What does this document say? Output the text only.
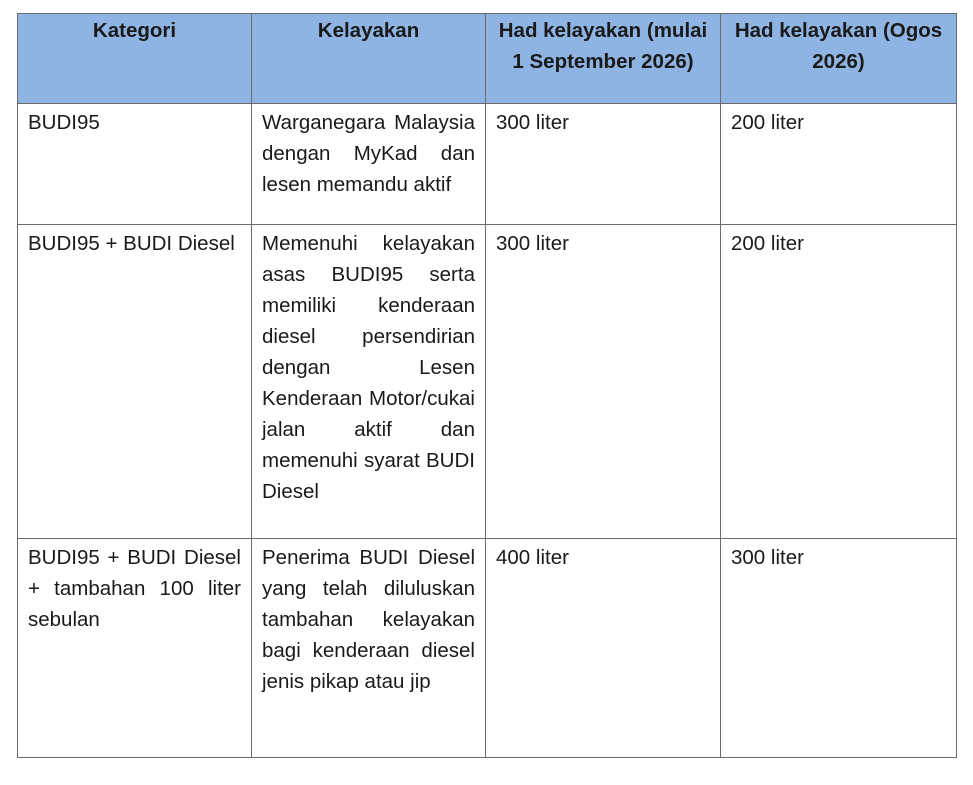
Kategori	Kelayakan	Had kelayakan (mulai 1 September 2026)	Had kelayakan (Ogos 2026)
BUDI95	Warganegara Malaysia dengan MyKad dan lesen memandu aktif	300 liter	200 liter
BUDI95 + BUDI Diesel	Memenuhi kelayakan asas BUDI95 serta memiliki kenderaan diesel persendirian dengan Lesen Kenderaan Motor/cukai jalan aktif dan memenuhi syarat BUDI Diesel	300 liter	200 liter
BUDI95 + BUDI Diesel + tambahan 100 liter sebulan	Penerima BUDI Diesel yang telah diluluskan tambahan kelayakan bagi kenderaan diesel jenis pikap atau jip	400 liter	300 liter
